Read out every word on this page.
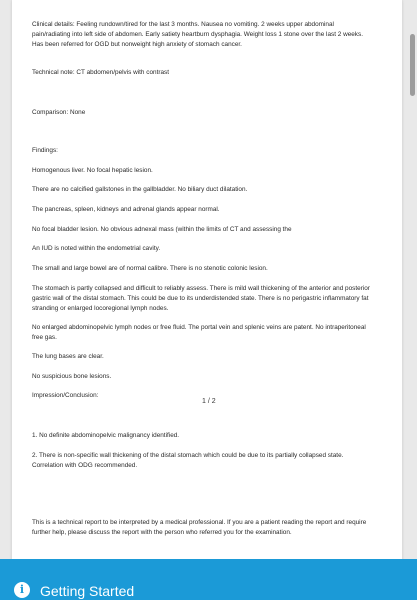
Clinical details: Feeling rundown/tired for the last 3 months. Nausea no vomiting. 2 weeks upper abdominal pain/radiating into left side of abdomen. Early satiety heartburn dysphagia. Weight loss 1 stone over the last 2 weeks. Has been referred for OGD but nonweight high anxiety of stomach cancer.

Technical note: CT abdomen/pelvis with contrast

Comparison: None

Findings:

Homogenous liver. No focal hepatic lesion.

There are no calcified gallstones in the gallbladder. No biliary duct dilatation.

The pancreas, spleen, kidneys and adrenal glands appear normal.

No focal bladder lesion. No obvious adnexal mass (within the limits of CT and assessing the

An IUD is noted within the endometrial cavity.

The small and large bowel are of normal calibre. There is no stenotic colonic lesion.

The stomach is partly collapsed and difficult to reliably assess. There is mild wall thickening of the anterior and posterior gastric wall of the distal stomach. This could be due to its underdistended state. There is no perigastric inflammatory fat stranding or enlarged locoregional lymph nodes.

No enlarged abdominopelvic lymph nodes or free fluid. The portal vein and splenic veins are patent. No intraperitoneal free gas.

The lung bases are clear.

No suspicious bone lesions.

Impression/Conclusion:

1 / 2

1. No definite abdominopelvic malignancy identified.

2. There is non-specific wall thickening of the distal stomach which could be due to its partially collapsed state. Correlation with ODG recommended.

This is a technical report to be interpreted by a medical professional. If you are a patient reading the report and require further help, please discuss the report with the person who referred you for the examination.

i	Getting Started
